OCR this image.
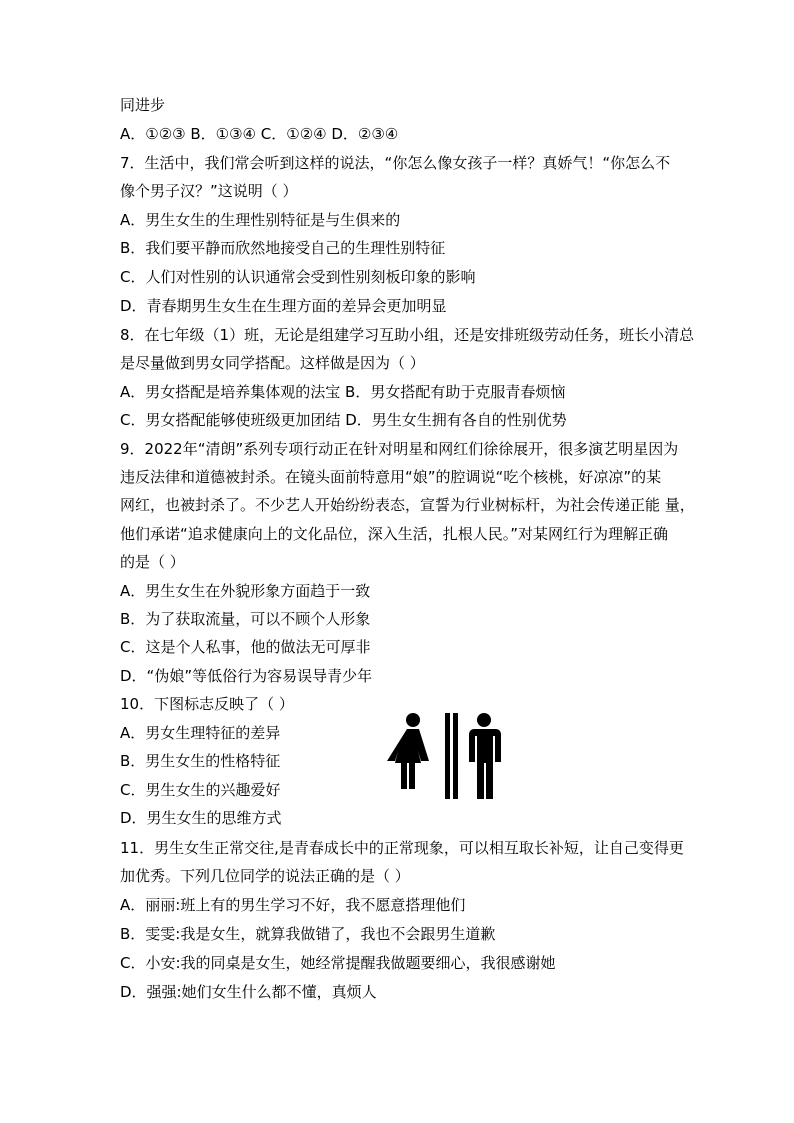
同进步
A．①②③ B．①③④ C．①②④ D．②③④
7．生活中，我们常会听到这样的说法，“你怎么像女孩子一样？真娇气！“你怎么不
像个男子汉？”这说明（ ）
A．男生女生的生理性别特征是与生俱来的
B．我们要平静而欣然地接受自己的生理性别特征
C．人们对性别的认识通常会受到性别刻板印象的影响
D．青春期男生女生在生理方面的差异会更加明显
8．在七年级（1）班，无论是组建学习互助小组，还是安排班级劳动任务，班长小清总
是尽量做到男女同学搭配。这样做是因为（ ）
A．男女搭配是培养集体观的法宝 B．男女搭配有助于克服青春烦恼
C．男女搭配能够使班级更加团结 D．男生女生拥有各自的性别优势
9．2022年“清朗”系列专项行动正在针对明星和网红们徐徐展开，很多演艺明星因为
违反法律和道德被封杀。在镜头面前特意用“娘”的腔调说“吃个核桃，好凉凉”的某
网红，也被封杀了。不少艺人开始纷纷表态，宣誓为行业树标杆，为社会传递正能 量，
他们承诺“追求健康向上的文化品位，深入生活，扎根人民。”对某网红行为理解正确
的是（ ）
A．男生女生在外貌形象方面趋于一致
B．为了获取流量，可以不顾个人形象
C．这是个人私事，他的做法无可厚非
D．“伪娘”等低俗行为容易误导青少年
10．下图标志反映了（ ）
A．男女生理特征的差异
B．男生女生的性格特征
C．男生女生的兴趣爱好
D．男生女生的思维方式
11．男生女生正常交往,是青春成长中的正常现象，可以相互取长补短，让自己变得更
加优秀。下列几位同学的说法正确的是（ ）
A．丽丽:班上有的男生学习不好，我不愿意搭理他们
B．雯雯:我是女生，就算我做错了，我也不会跟男生道歉
C．小安:我的同桌是女生，她经常提醒我做题要细心，我很感谢她
D．强强:她们女生什么都不懂，真烦人
